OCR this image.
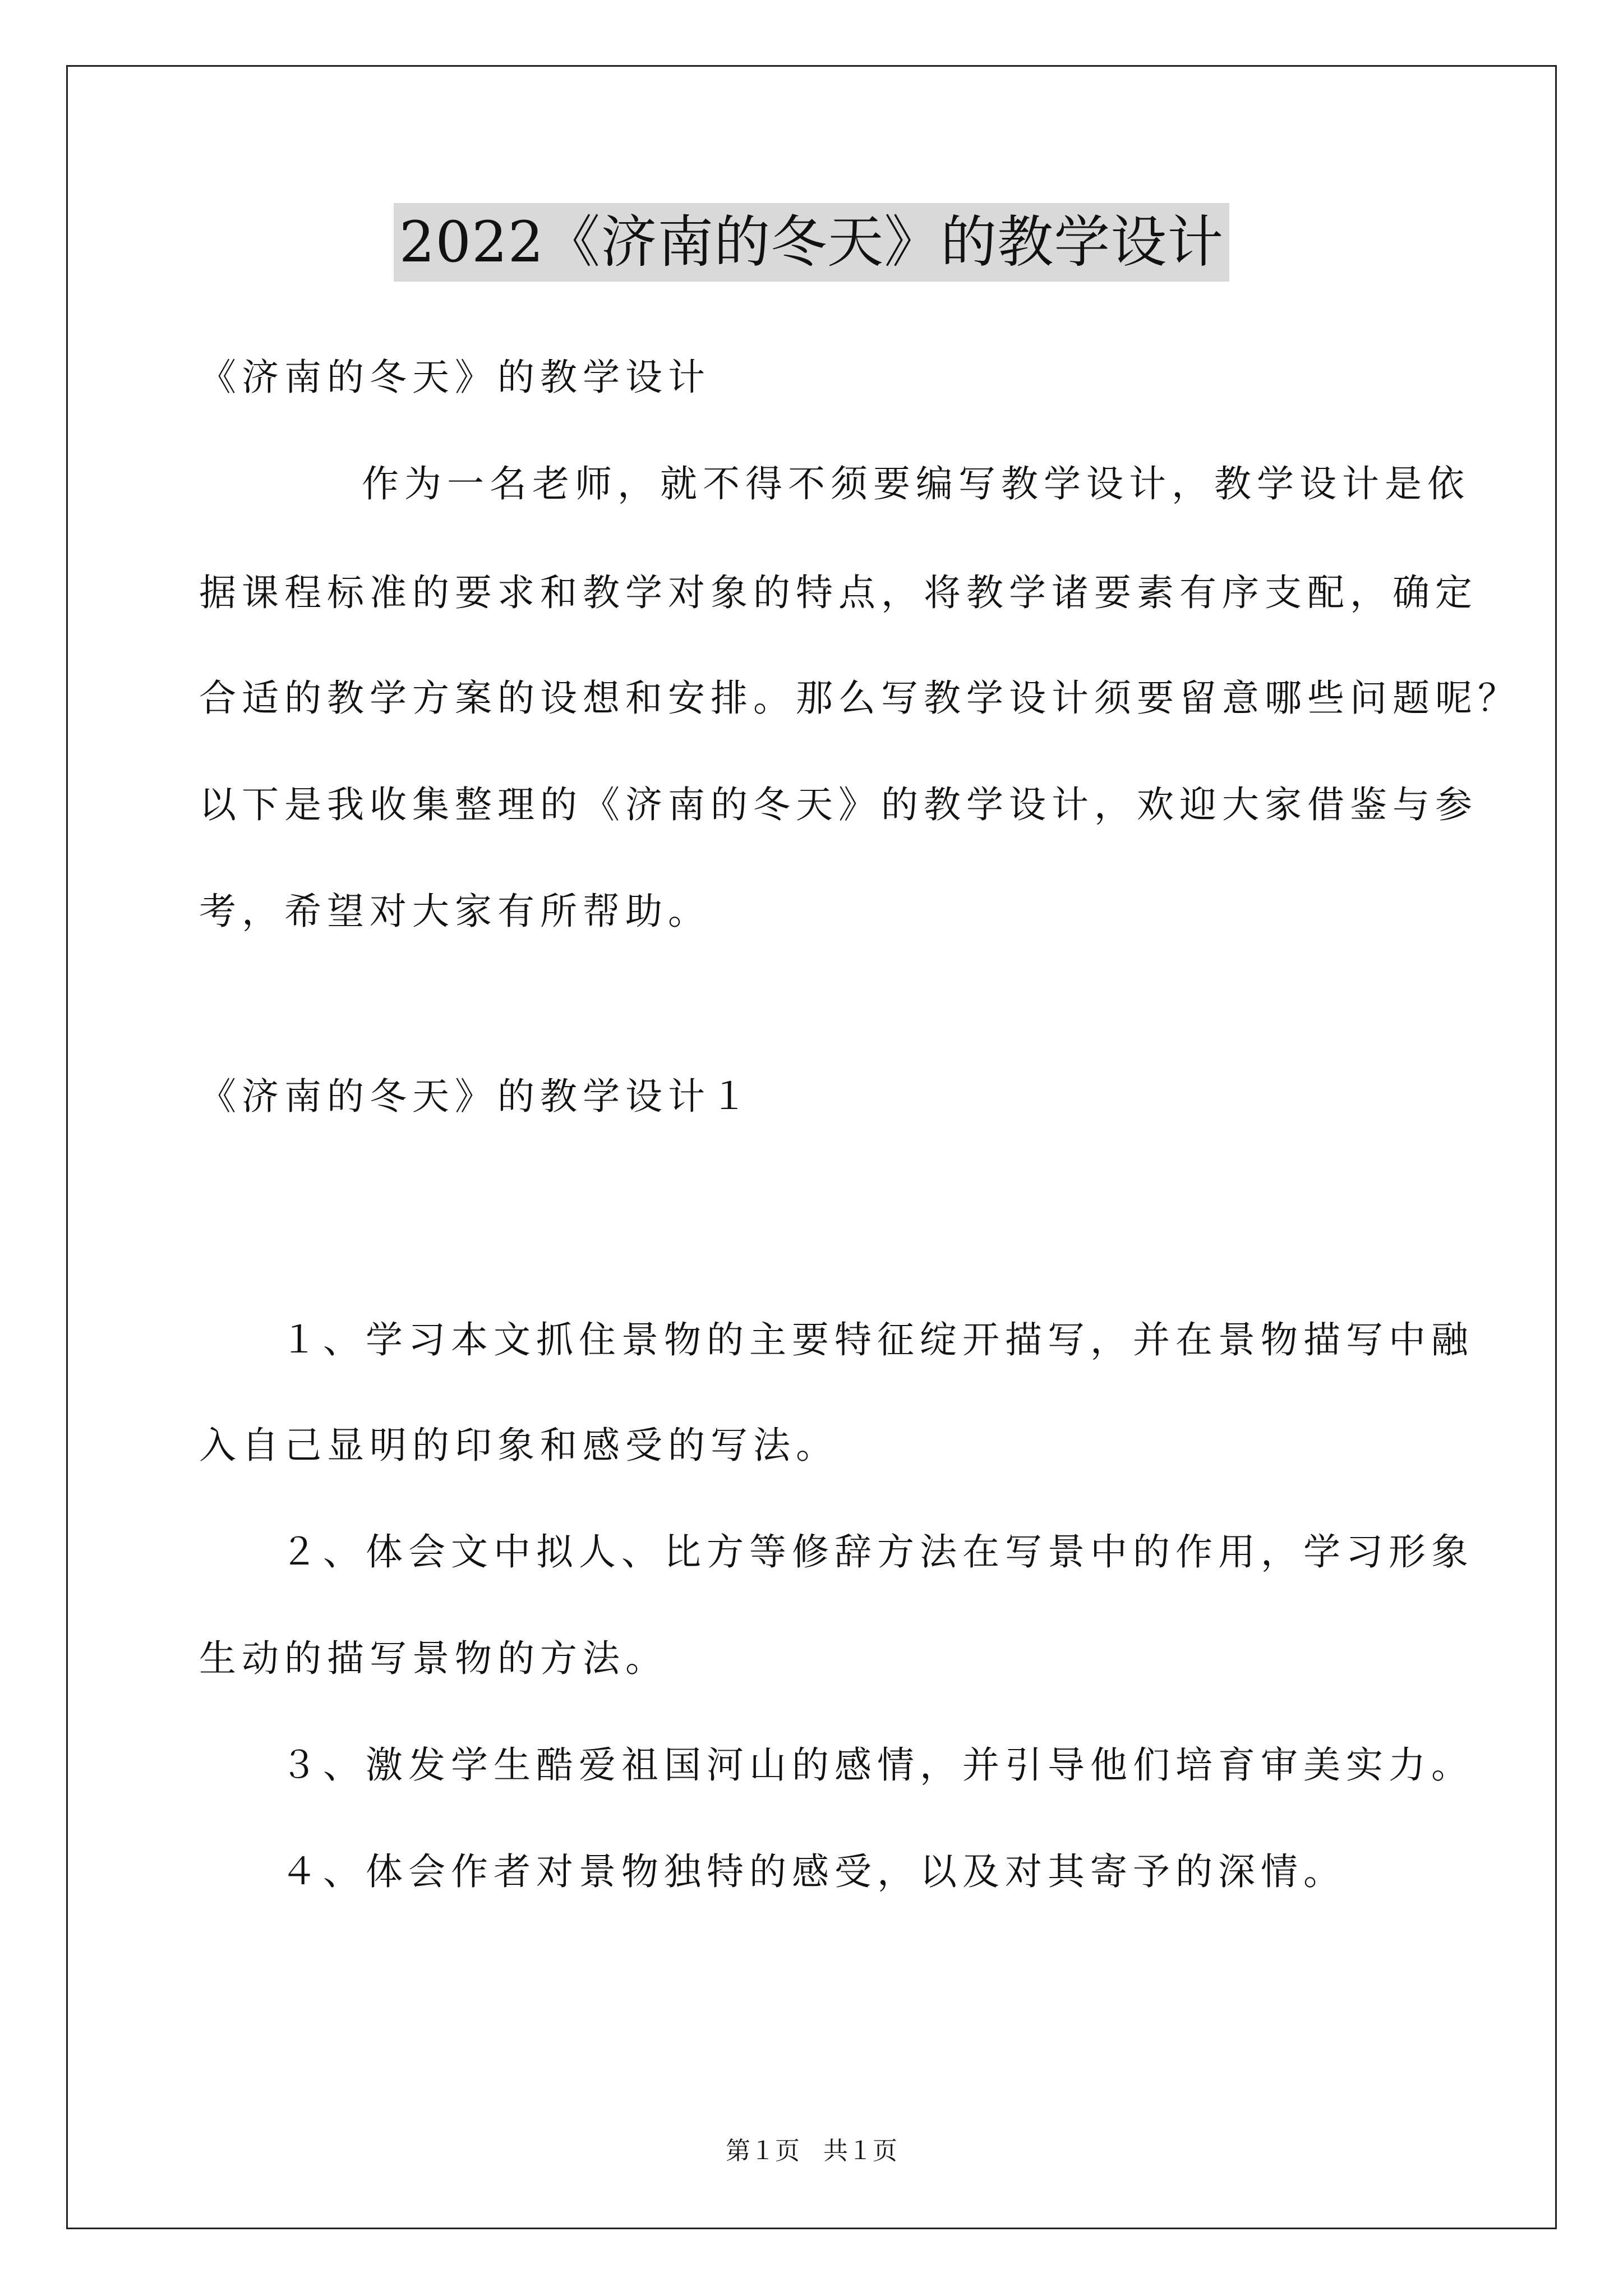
2022《济南的冬天》的教学设计
《济南的冬天》的教学设计
作为一名老师，就不得不须要编写教学设计，教学设计是依
据课程标准的要求和教学对象的特点，将教学诸要素有序支配，确定
合适的教学方案的设想和安排。那么写教学设计须要留意哪些问题呢？
以下是我收集整理的《济南的冬天》的教学设计，欢迎大家借鉴与参
考，希望对大家有所帮助。
《济南的冬天》的教学设计１
１、学习本文抓住景物的主要特征绽开描写，并在景物描写中融
入自己显明的印象和感受的写法。
２、体会文中拟人、比方等修辞方法在写景中的作用，学习形象
生动的描写景物的方法。
３、激发学生酷爱祖国河山的感情，并引导他们培育审美实力。
４、体会作者对景物独特的感受，以及对其寄予的深情。
第１页 共１页
